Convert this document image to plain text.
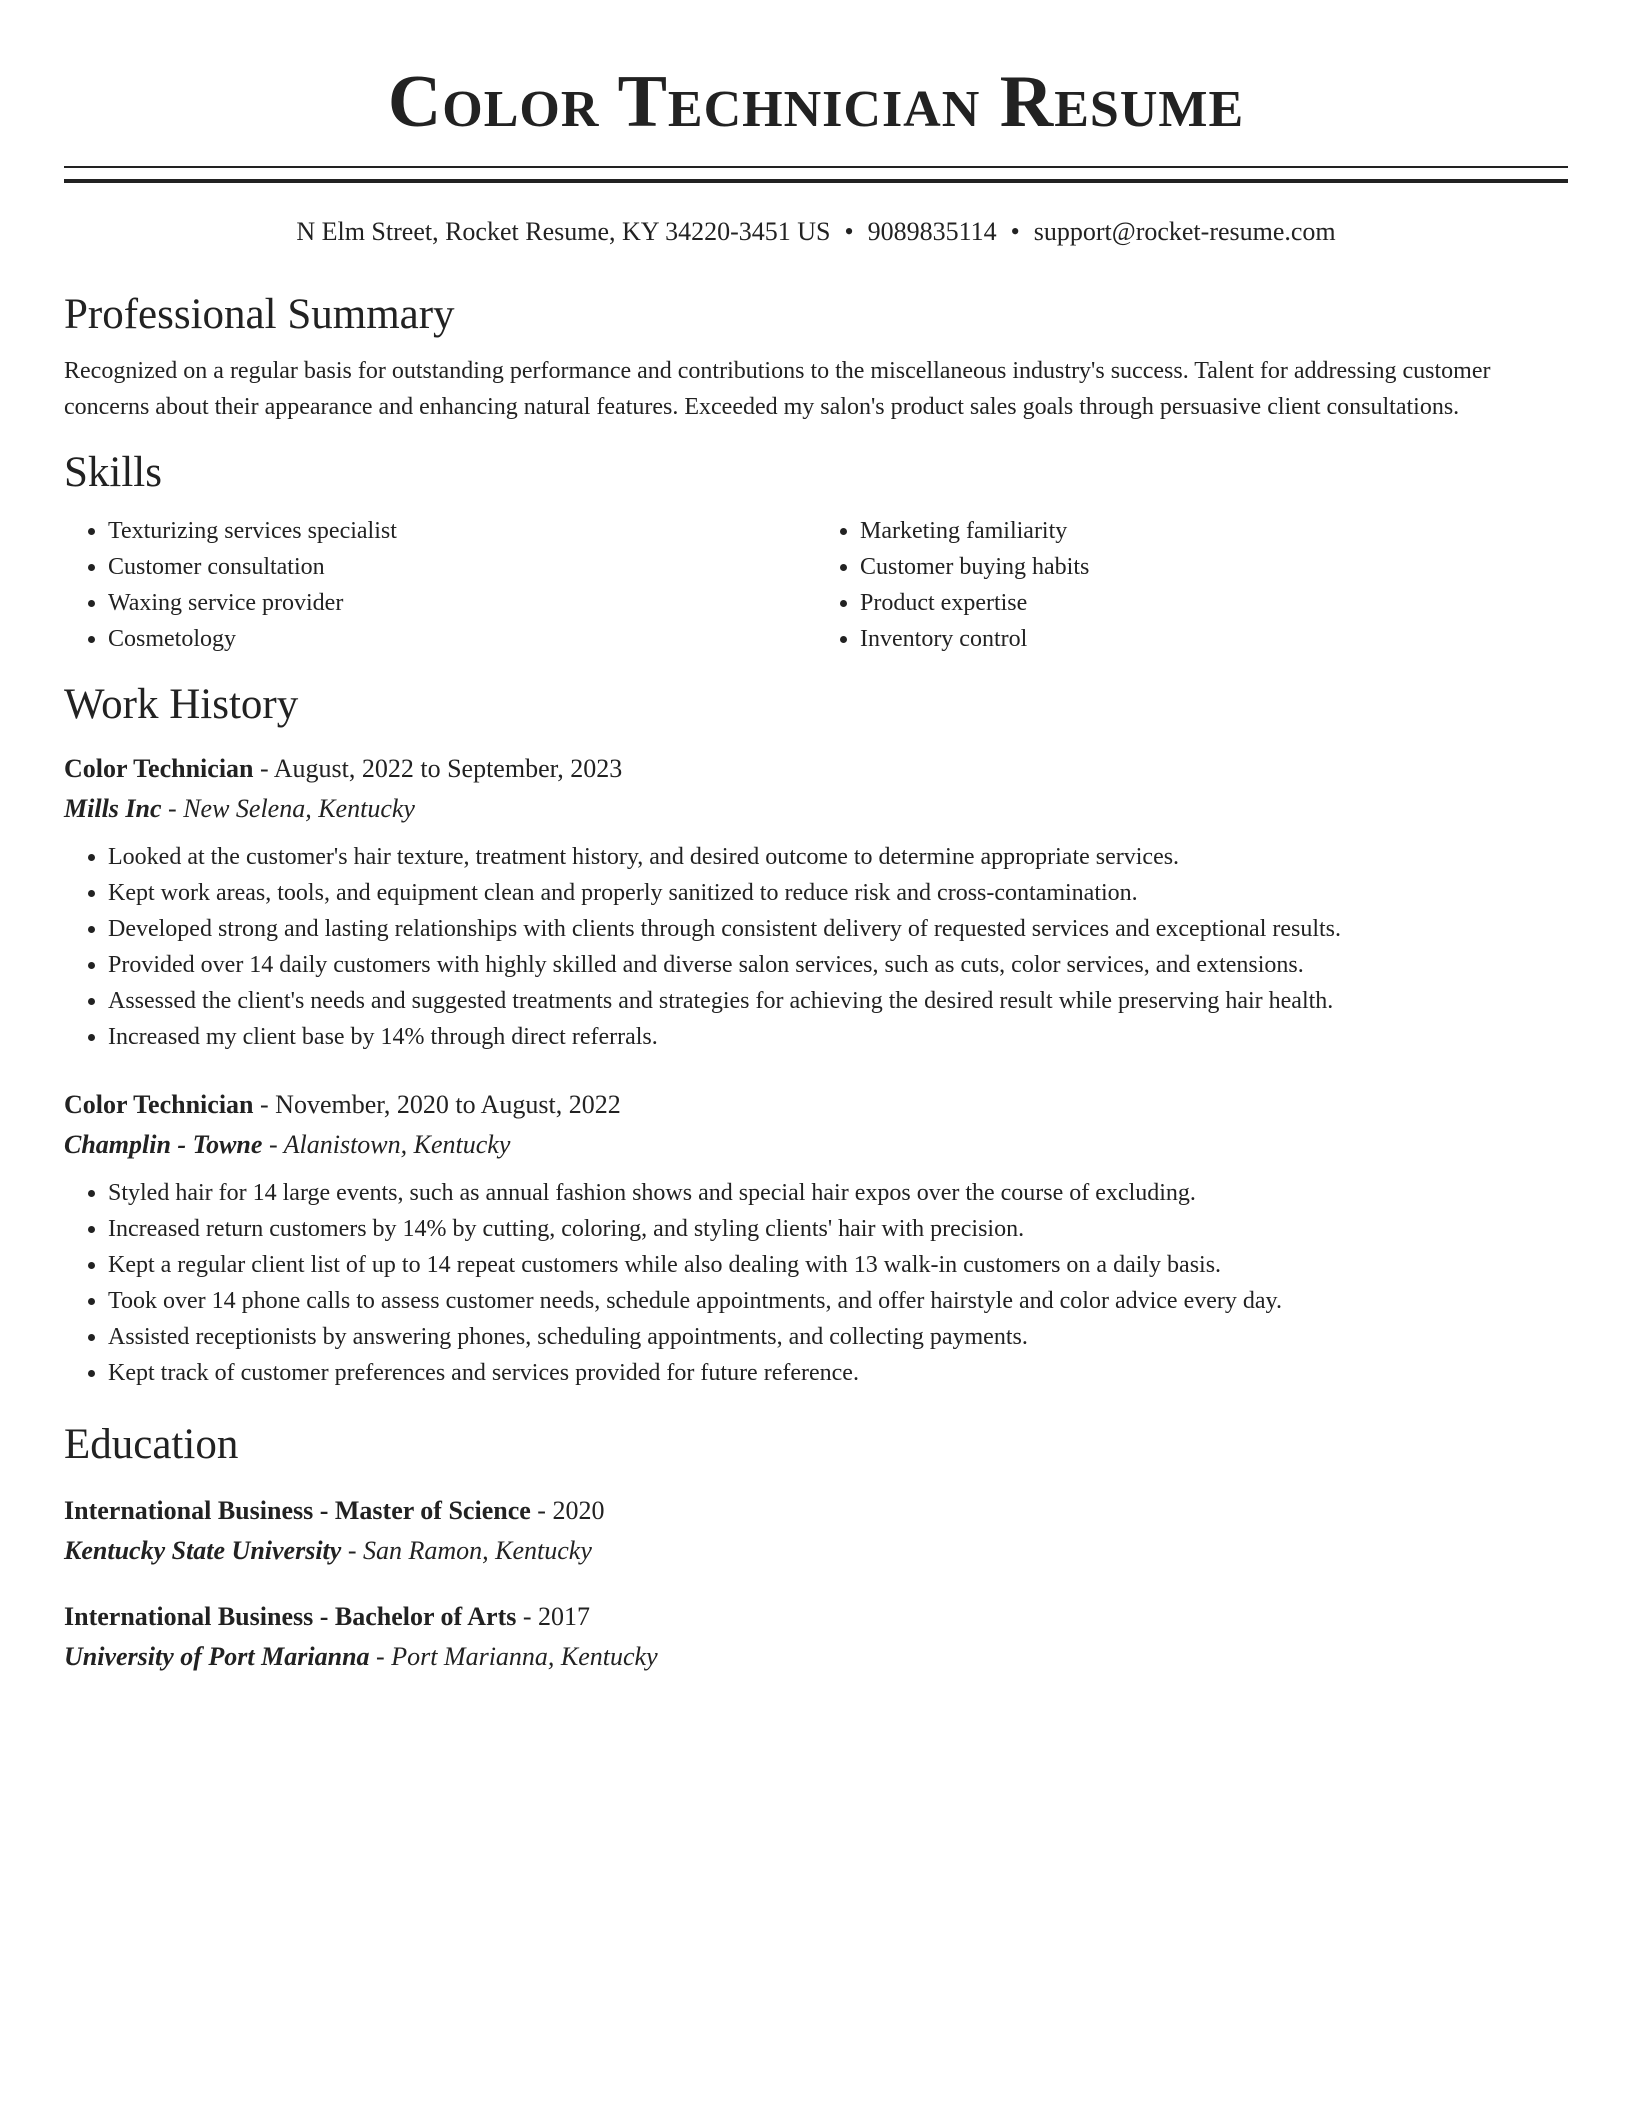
Color Technician Resume
N Elm Street, Rocket Resume, KY 34220-3451 US • 9089835114 • support@rocket-resume.com
Professional Summary

Recognized on a regular basis for outstanding performance and contributions to the miscellaneous industry's success. Talent for addressing customer concerns about their appearance and enhancing natural features. Exceeded my salon's product sales goals through persuasive client consultations.

Skills
• Texturizing services specialist
• Customer consultation
• Waxing service provider
• Cosmetology
• Marketing familiarity
• Customer buying habits
• Product expertise
• Inventory control
Work History
Color Technician - August, 2022 to September, 2023
Mills Inc - New Selena, Kentucky
• Looked at the customer's hair texture, treatment history, and desired outcome to determine appropriate services.
• Kept work areas, tools, and equipment clean and properly sanitized to reduce risk and cross-contamination.
• Developed strong and lasting relationships with clients through consistent delivery of requested services and exceptional results.
• Provided over 14 daily customers with highly skilled and diverse salon services, such as cuts, color services, and extensions.
• Assessed the client's needs and suggested treatments and strategies for achieving the desired result while preserving hair health.
• Increased my client base by 14% through direct referrals.
Color Technician - November, 2020 to August, 2022
Champlin - Towne - Alanistown, Kentucky
• Styled hair for 14 large events, such as annual fashion shows and special hair expos over the course of excluding.
• Increased return customers by 14% by cutting, coloring, and styling clients' hair with precision.
• Kept a regular client list of up to 14 repeat customers while also dealing with 13 walk-in customers on a daily basis.
• Took over 14 phone calls to assess customer needs, schedule appointments, and offer hairstyle and color advice every day.
• Assisted receptionists by answering phones, scheduling appointments, and collecting payments.
• Kept track of customer preferences and services provided for future reference.
Education
International Business - Master of Science - 2020
Kentucky State University - San Ramon, Kentucky
International Business - Bachelor of Arts - 2017
University of Port Marianna - Port Marianna, Kentucky
